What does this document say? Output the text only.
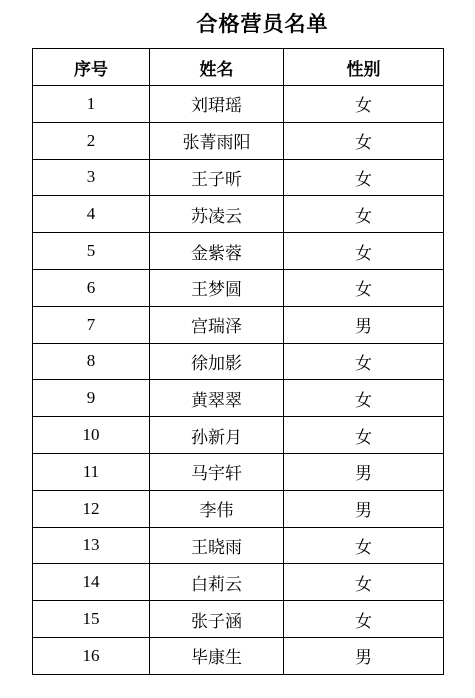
合格营员名单
序号	姓名	性别
1	刘珺瑶	女
2	张菁雨阳	女
3	王子昕	女
4	苏凌云	女
5	金紫蓉	女
6	王梦圆	女
7	宫瑞泽	男
8	徐加影	女
9	黄翠翠	女
10	孙新月	女
11	马宇轩	男
12	李伟	男
13	王晓雨	女
14	白莉云	女
15	张子涵	女
16	毕康生	男
